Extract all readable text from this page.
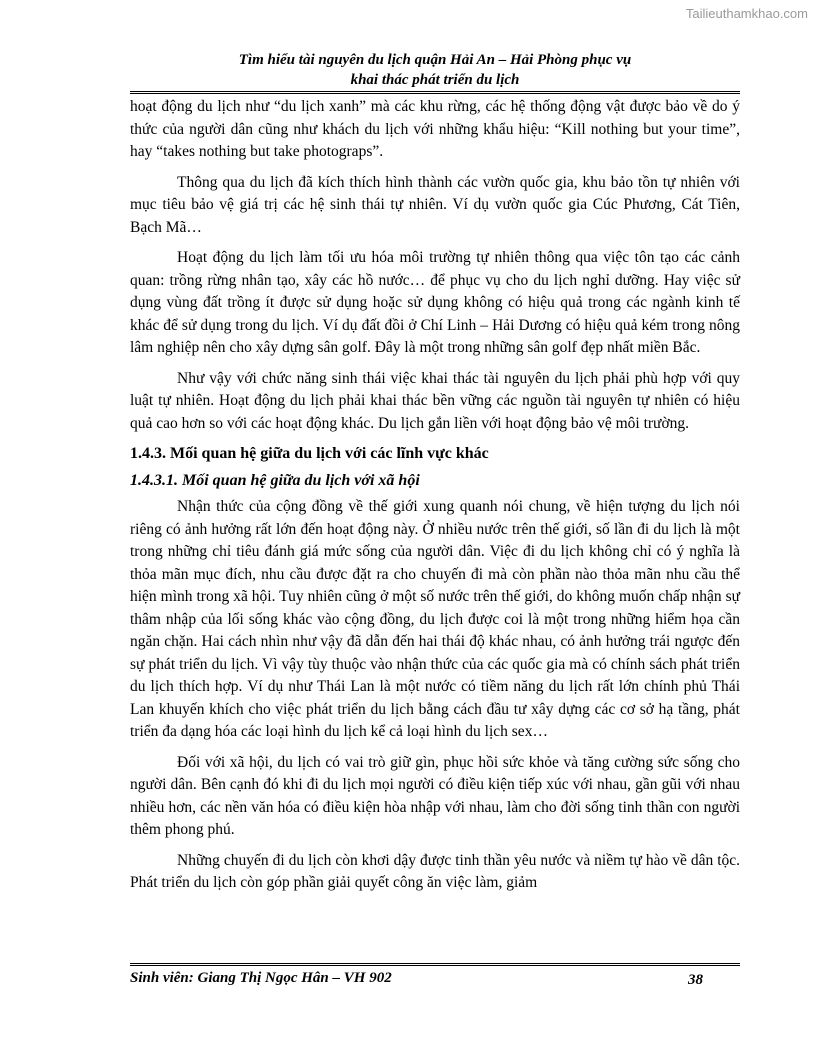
Tailieuthamkhao.com
Tìm hiểu tài nguyên du lịch quận Hải An – Hải Phòng phục vụ
khai thác phát triển du lịch

hoạt động du lịch như “du lịch xanh” mà các khu rừng, các hệ thống động vật được bảo về do ý thức của người dân cũng như khách du lịch với những khẩu hiệu: “Kill nothing but your time”, hay “takes nothing but take photograps”.

Thông qua du lịch đã kích thích hình thành các vườn quốc gia, khu bảo tồn tự nhiên với mục tiêu bảo vệ giá trị các hệ sinh thái tự nhiên. Ví dụ vườn quốc gia Cúc Phương, Cát Tiên, Bạch Mã…

Hoạt động du lịch làm tối ưu hóa môi trường tự nhiên thông qua việc tôn tạo các cảnh quan: trồng rừng nhân tạo, xây các hồ nước… để phục vụ cho du lịch nghỉ dưỡng. Hay việc sử dụng vùng đất trồng ít được sử dụng hoặc sử dụng không có hiệu quả trong các ngành kinh tế khác để sử dụng trong du lịch. Ví dụ đất đồi ở Chí Linh – Hải Dương có hiệu quả kém trong nông lâm nghiệp nên cho xây dựng sân golf. Đây là một trong những sân golf đẹp nhất miền Bắc.

Như vậy với chức năng sinh thái việc khai thác tài nguyên du lịch phải phù hợp với quy luật tự nhiên. Hoạt động du lịch phải khai thác bền vững các nguồn tài nguyên tự nhiên có hiệu quả cao hơn so với các hoạt động khác. Du lịch gắn liền với hoạt động bảo vệ môi trường.

1.4.3. Mối quan hệ giữa du lịch với các lĩnh vực khác
1.4.3.1. Mối quan hệ giữa du lịch với xã hội

Nhận thức của cộng đồng về thế giới xung quanh nói chung, về hiện tượng du lịch nói riêng có ảnh hưởng rất lớn đến hoạt động này. Ở nhiều nước trên thế giới, số lần đi du lịch là một trong những chỉ tiêu đánh giá mức sống của người dân. Việc đi du lịch không chỉ có ý nghĩa là thỏa mãn mục đích, nhu cầu được đặt ra cho chuyến đi mà còn phần nào thỏa mãn nhu cầu thể hiện mình trong xã hội. Tuy nhiên cũng ở một số nước trên thế giới, do không muốn chấp nhận sự thâm nhập của lối sống khác vào cộng đồng, du lịch được coi là một trong những hiểm họa cần ngăn chặn. Hai cách nhìn như vậy đã dẫn đến hai thái độ khác nhau, có ảnh hưởng trái ngược đến sự phát triển du lịch. Vì vậy tùy thuộc vào nhận thức của các quốc gia mà có chính sách phát triển du lịch thích hợp. Ví dụ như Thái Lan là một nước có tiềm năng du lịch rất lớn chính phủ Thái Lan khuyến khích cho việc phát triển du lịch bằng cách đầu tư xây dựng các cơ sở hạ tầng, phát triển đa dạng hóa các loại hình du lịch kể cả loại hình du lịch sex…

Đối với xã hội, du lịch có vai trò giữ gìn, phục hồi sức khỏe và tăng cường sức sống cho người dân. Bên cạnh đó khi đi du lịch mọi người có điều kiện tiếp xúc với nhau, gần gũi với nhau nhiều hơn, các nền văn hóa có điều kiện hòa nhập với nhau, làm cho đời sống tinh thần con người thêm phong phú.

Những chuyến đi du lịch còn khơi dậy được tinh thần yêu nước và niềm tự hào về dân tộc. Phát triển du lịch còn góp phần giải quyết công ăn việc làm, giảm

Sinh viên: Giang Thị Ngọc Hân – VH 902	38
